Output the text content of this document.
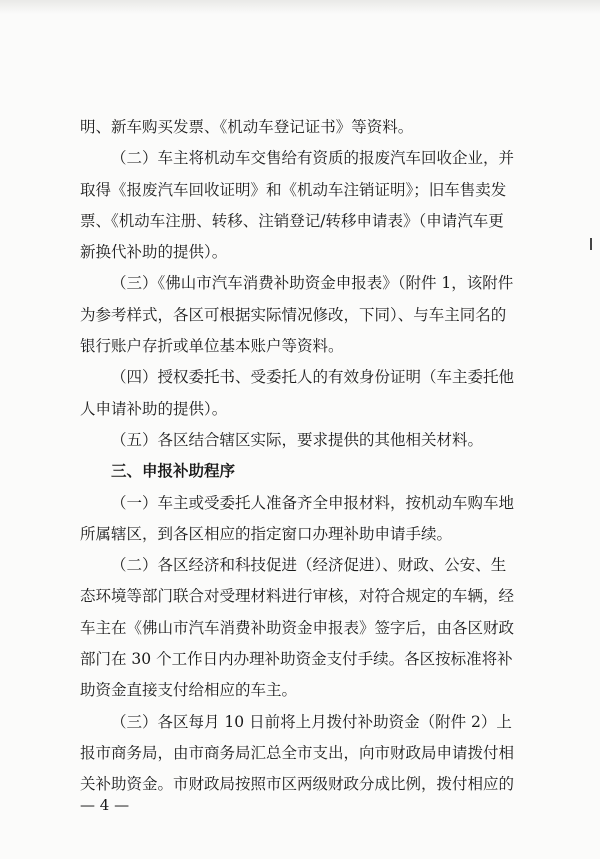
明、新车购买发票、《机动车登记证书》等资料。
（二）车主将机动车交售给有资质的报废汽车回收企业，并
取得《报废汽车回收证明》和《机动车注销证明》；旧车售卖发
票、《机动车注册、转移、注销登记/转移申请表》（申请汽车更
新换代补助的提供）。
（三）《佛山市汽车消费补助资金申报表》（附件 1，该附件
为参考样式，各区可根据实际情况修改，下同）、与车主同名的
银行账户存折或单位基本账户等资料。
（四）授权委托书、受委托人的有效身份证明（车主委托他
人申请补助的提供）。
（五）各区结合辖区实际，要求提供的其他相关材料。
三、申报补助程序
（一）车主或受委托人准备齐全申报材料，按机动车购车地
所属辖区，到各区相应的指定窗口办理补助申请手续。
（二）各区经济和科技促进（经济促进）、财政、公安、生
态环境等部门联合对受理材料进行审核，对符合规定的车辆，经
车主在《佛山市汽车消费补助资金申报表》签字后，由各区财政
部门在 30 个工作日内办理补助资金支付手续。各区按标准将补
助资金直接支付给相应的车主。
（三）各区每月 10 日前将上月拨付补助资金（附件 2）上
报市商务局，由市商务局汇总全市支出，向市财政局申请拨付相
关补助资金。市财政局按照市区两级财政分成比例，拨付相应的
— 4 —
